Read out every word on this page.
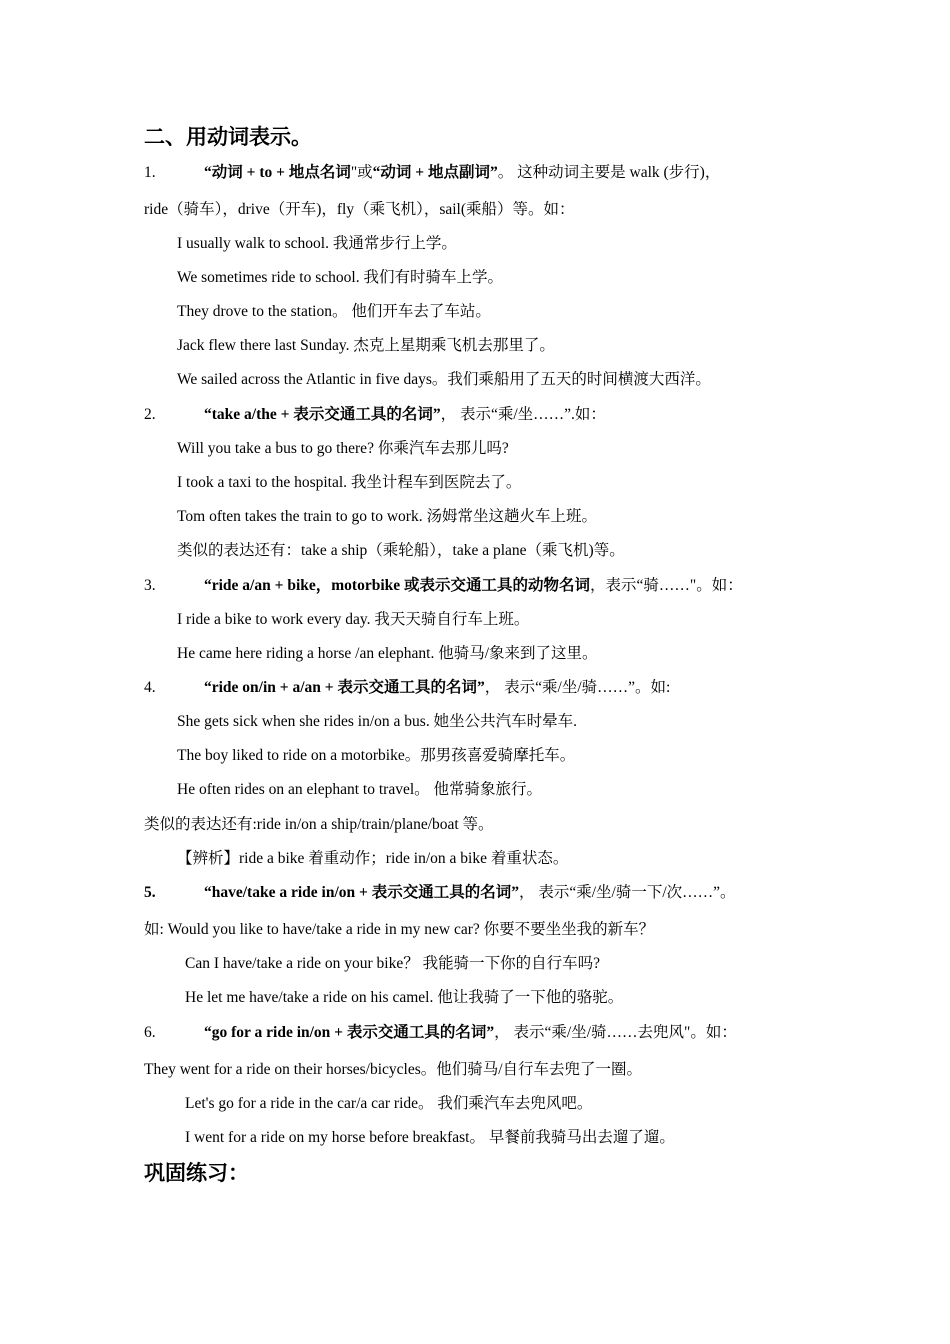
二、用动词表示。
1.	“动词 + to + 地点名词"或“动词 + 地点副词”。 这种动词主要是 walk (步行)，
ride（骑车），drive（开车)，fly（乘飞机），sail(乘船）等。如：
I usually walk to school. 我通常步行上学。
We sometimes ride to school. 我们有时骑车上学。
They drove to the station。 他们开车去了车站。
Jack flew there last Sunday. 杰克上星期乘飞机去那里了。
We sailed across the Atlantic in five days。我们乘船用了五天的时间横渡大西洋。
2.	“take a/the + 表示交通工具的名词”， 表示“乘/坐……”.如：
Will you take a bus to go there? 你乘汽车去那儿吗?
I took a taxi to the hospital. 我坐计程车到医院去了。
Tom often takes the train to go to work. 汤姆常坐这趟火车上班。
类似的表达还有：take a ship（乘轮船），take a plane（乘飞机)等。
3.	“ride a/an + bike，motorbike 或表示交通工具的动物名词，表示“骑……"。如：
I ride a bike to work every day. 我天天骑自行车上班。
He came here riding a horse /an elephant. 他骑马/象来到了这里。
4.	“ride on/in + a/an + 表示交通工具的名词”， 表示“乘/坐/骑……”。如:
She gets sick when she rides in/on a bus. 她坐公共汽车时晕车.
The boy liked to ride on a motorbike。那男孩喜爱骑摩托车。
He often rides on an elephant to travel。 他常骑象旅行。
类似的表达还有:ride in/on a ship/train/plane/boat 等。
【辨析】ride a bike 着重动作；ride in/on a bike 着重状态。
5.	“have/take a ride in/on + 表示交通工具的名词”， 表示“乘/坐/骑一下/次……”。
如: Would you like to have/take a ride in my new car? 你要不要坐坐我的新车？
Can I have/take a ride on your bike？ 我能骑一下你的自行车吗?
He let me have/take a ride on his camel. 他让我骑了一下他的骆驼。
6.	“go for a ride in/on + 表示交通工具的名词”， 表示“乘/坐/骑……去兜风"。如：
They went for a ride on their horses/bicycles。他们骑马/自行车去兜了一圈。
Let's go for a ride in the car/a car ride。 我们乘汽车去兜风吧。
I went for a ride on my horse before breakfast。 早餐前我骑马出去遛了遛。
巩固练习：
